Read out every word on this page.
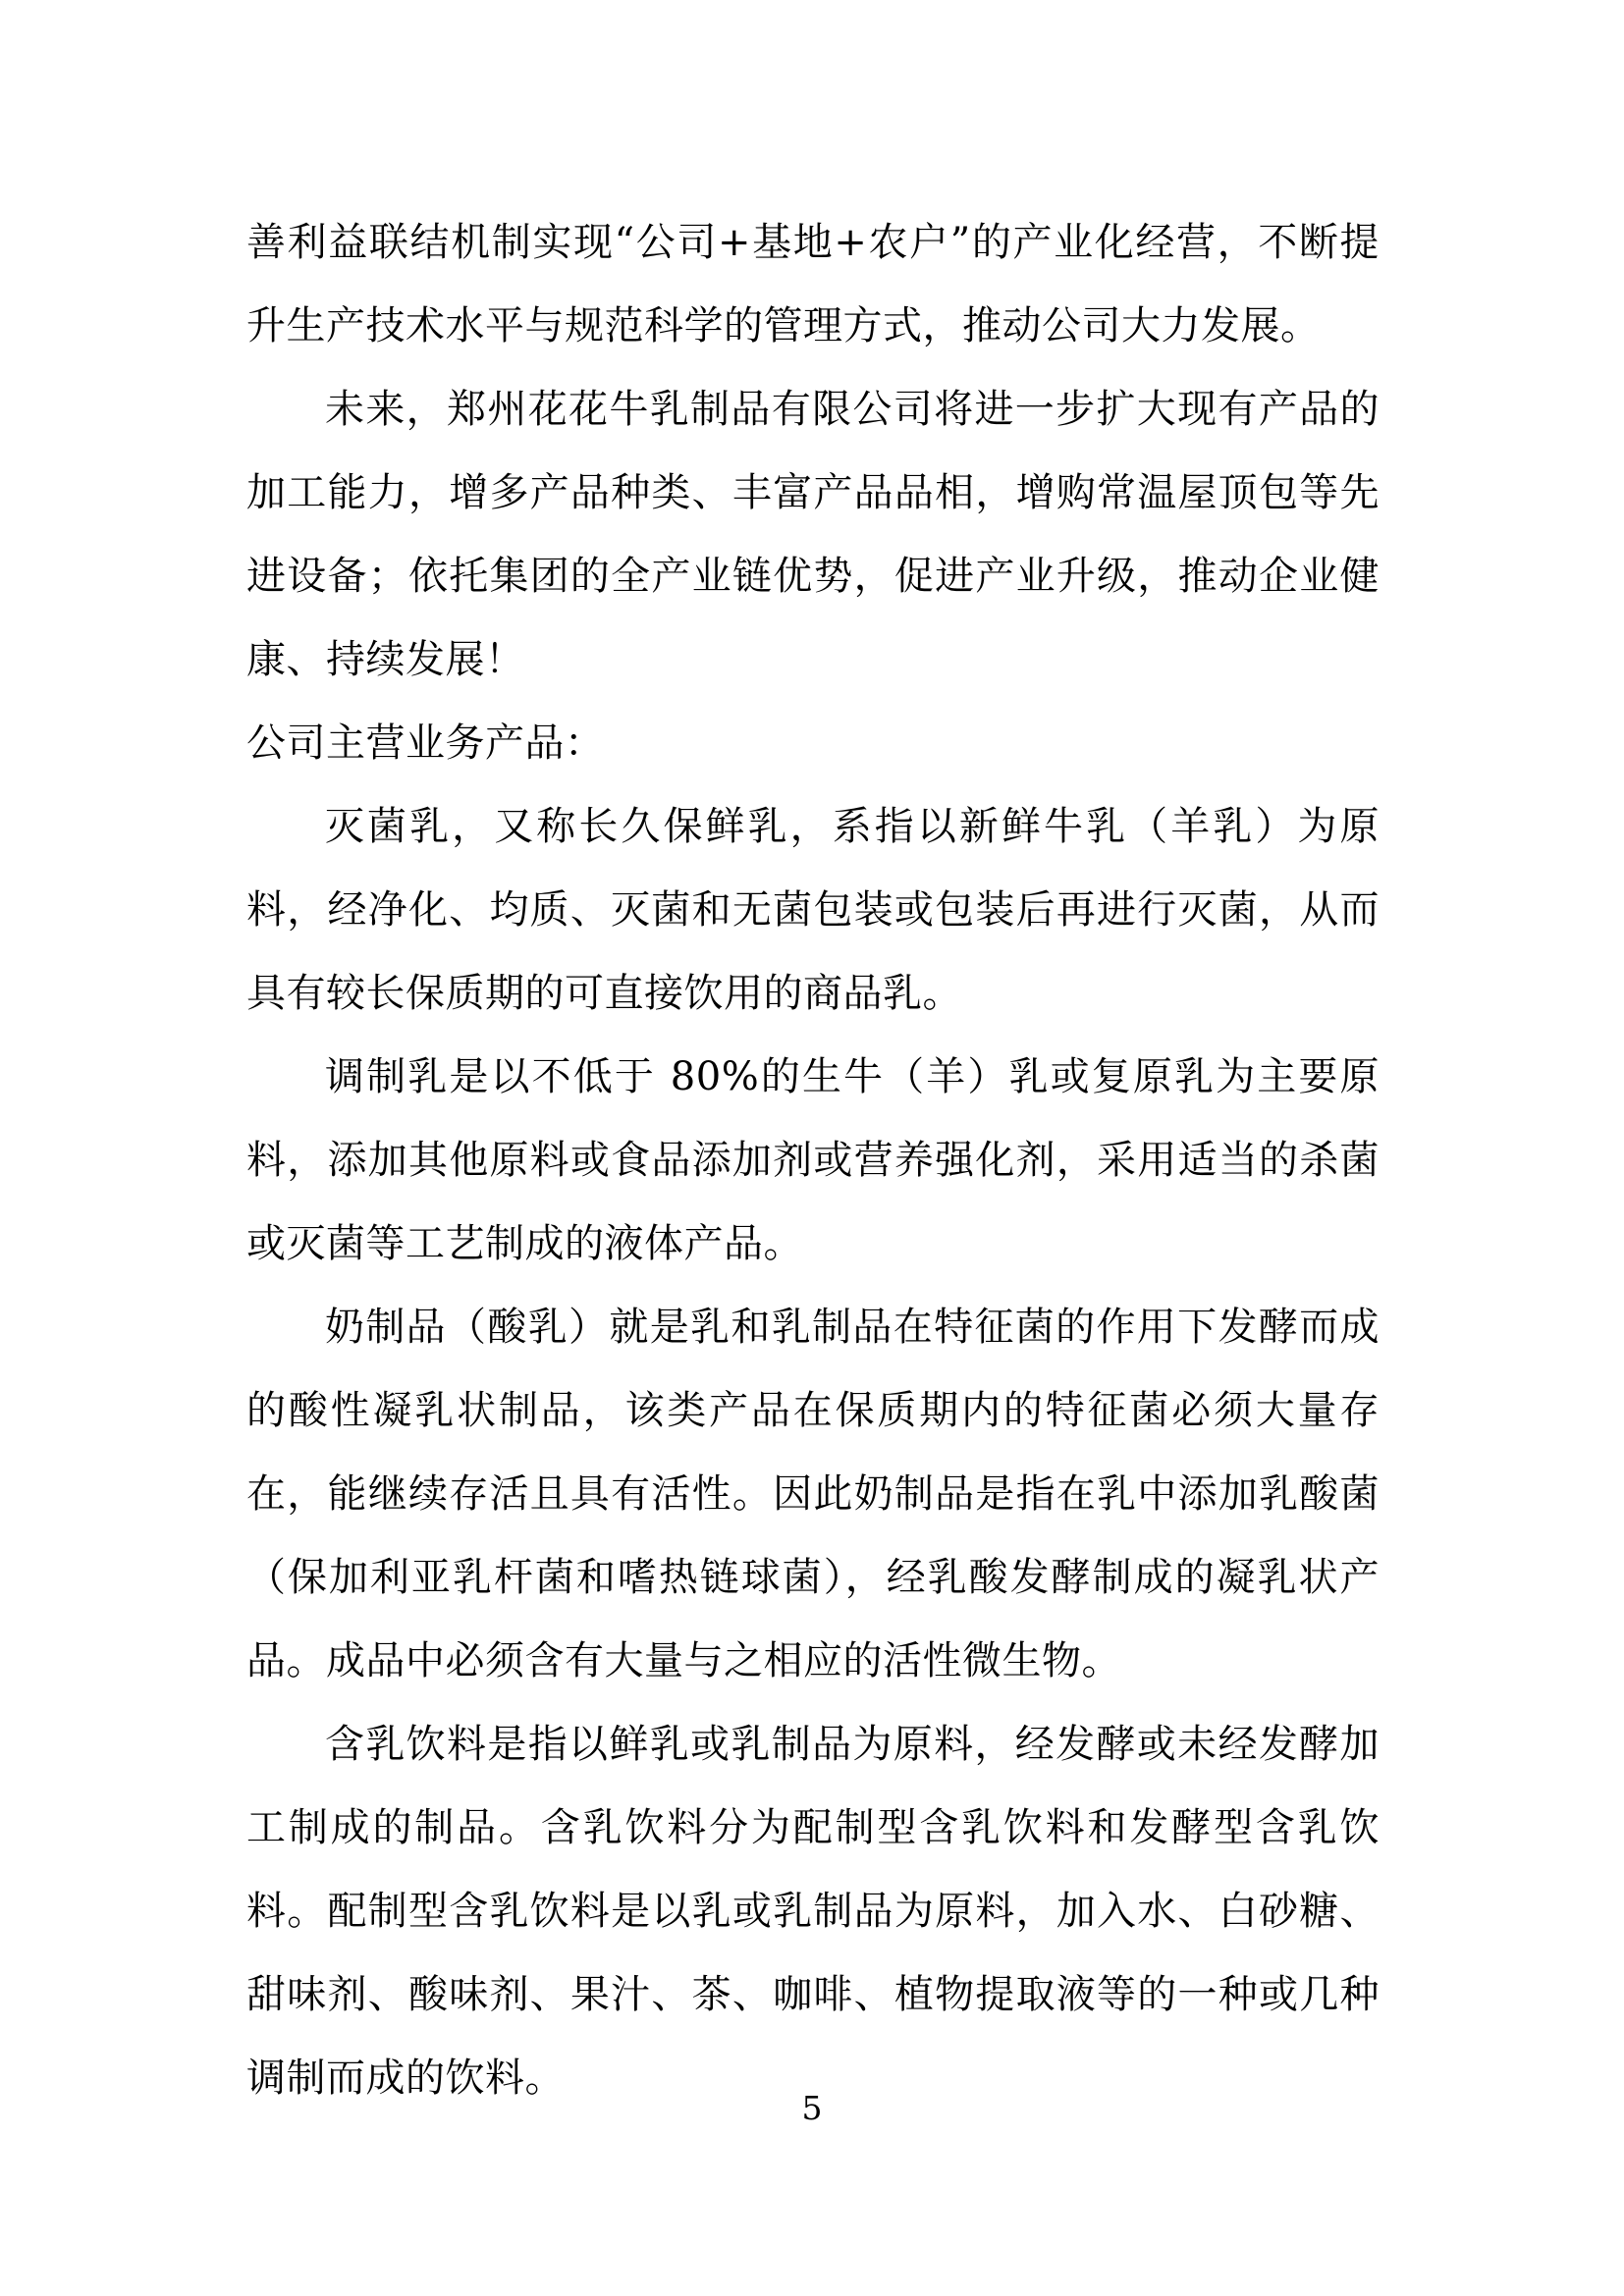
善利益联结机制实现“公司+基地+农户”的产业化经营，不断提升生产技术水平与规范科学的管理方式，推动公司大力发展。

未来，郑州花花牛乳制品有限公司将进一步扩大现有产品的加工能力，增多产品种类、丰富产品品相，增购常温屋顶包等先进设备；依托集团的全产业链优势，促进产业升级，推动企业健康、持续发展！

公司主营业务产品：

灭菌乳，又称长久保鲜乳，系指以新鲜牛乳（羊乳）为原料，经净化、均质、灭菌和无菌包装或包装后再进行灭菌，从而具有较长保质期的可直接饮用的商品乳。

调制乳是以不低于 80%的生牛（羊）乳或复原乳为主要原料，添加其他原料或食品添加剂或营养强化剂，采用适当的杀菌或灭菌等工艺制成的液体产品。

奶制品（酸乳）就是乳和乳制品在特征菌的作用下发酵而成的酸性凝乳状制品，该类产品在保质期内的特征菌必须大量存在，能继续存活且具有活性。因此奶制品是指在乳中添加乳酸菌（保加利亚乳杆菌和嗜热链球菌），经乳酸发酵制成的凝乳状产品。成品中必须含有大量与之相应的活性微生物。

含乳饮料是指以鲜乳或乳制品为原料，经发酵或未经发酵加工制成的制品。含乳饮料分为配制型含乳饮料和发酵型含乳饮料。配制型含乳饮料是以乳或乳制品为原料，加入水、白砂糖、甜味剂、酸味剂、果汁、茶、咖啡、植物提取液等的一种或几种调制而成的饮料。

5
